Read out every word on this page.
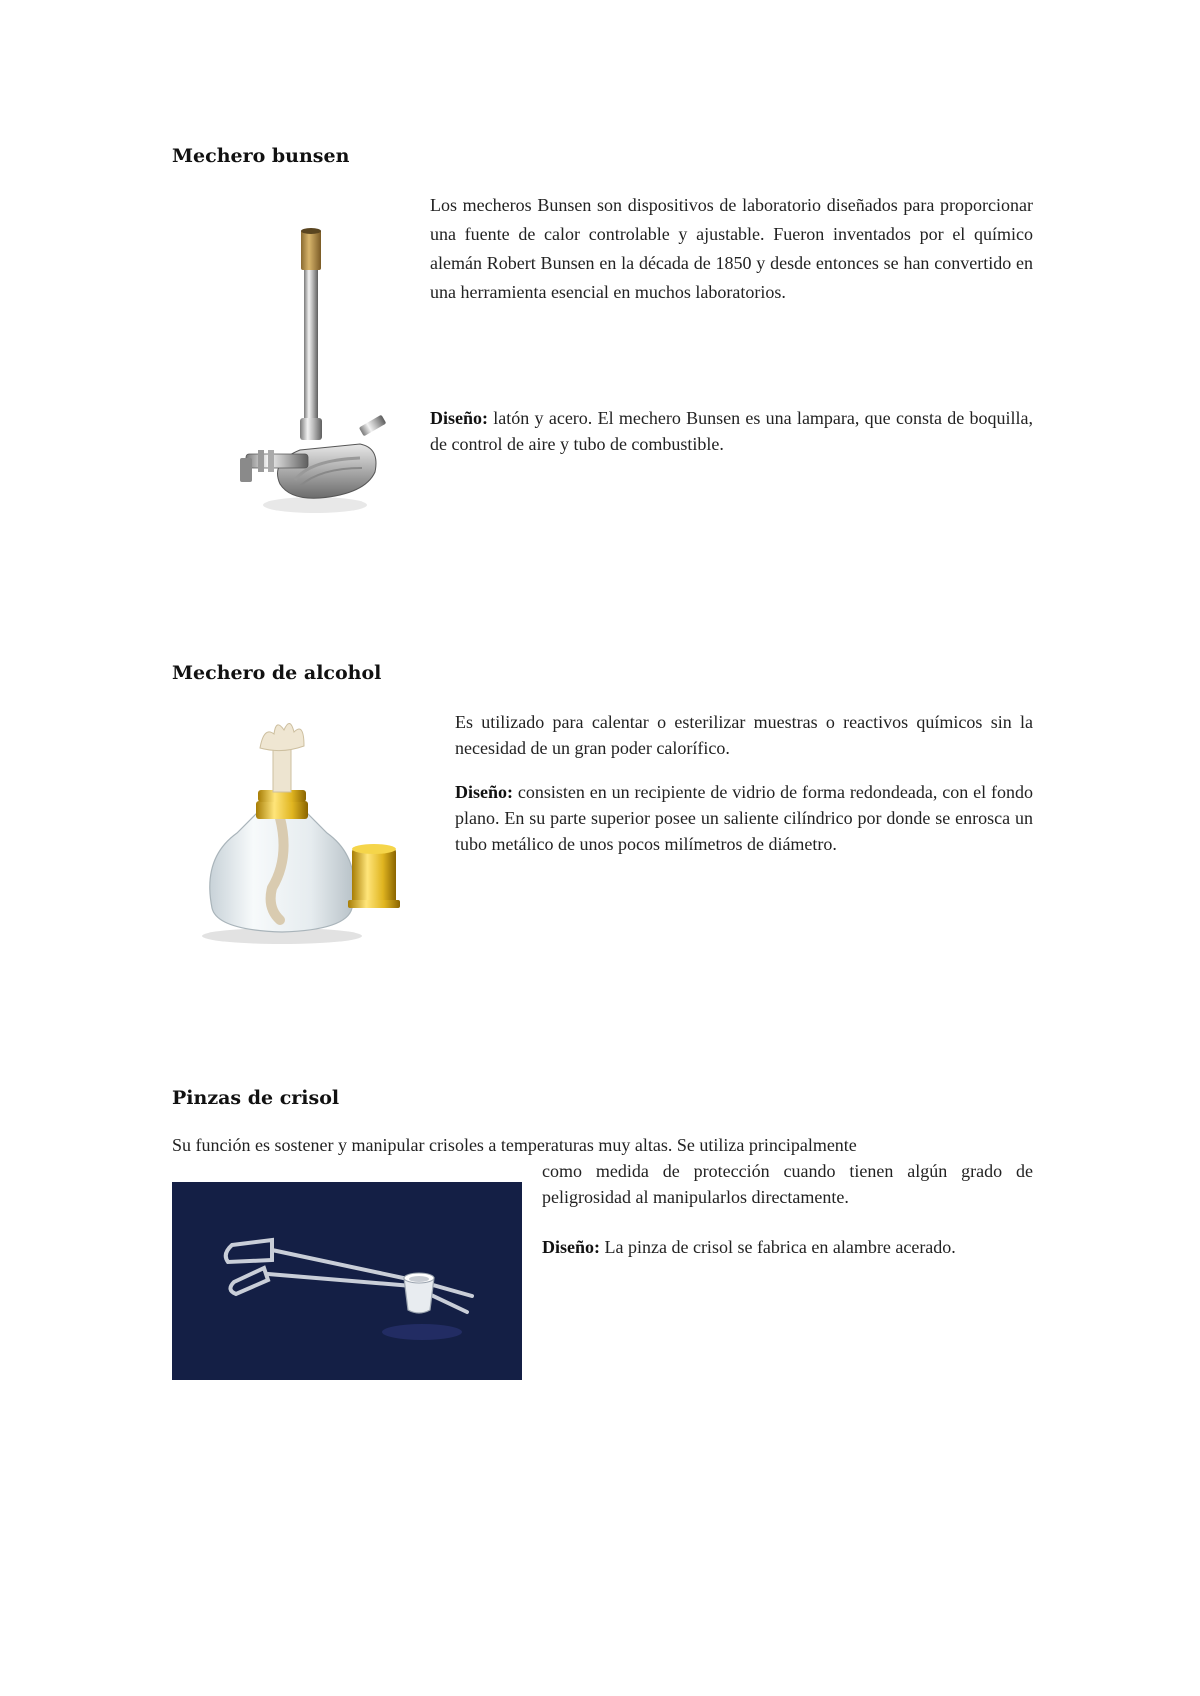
Mechero bunsen

Los mecheros Bunsen son dispositivos de laboratorio diseñados para proporcionar una fuente de calor controlable y ajustable. Fueron inventados por el químico alemán Robert Bunsen en la década de 1850 y desde entonces se han convertido en una herramienta esencial en muchos laboratorios.

Diseño: latón y acero. El mechero Bunsen es una lampara, que consta de boquilla, de control de aire y tubo de combustible.

Mechero de alcohol

Es utilizado para calentar o esterilizar muestras o reactivos químicos sin la necesidad de un gran poder calorífico.

Diseño: consisten en un recipiente de vidrio de forma redondeada, con el fondo plano. En su parte superior posee un saliente cilíndrico por donde se enrosca un tubo metálico de unos pocos milímetros de diámetro.

Pinzas de crisol

Su función es sostener y manipular crisoles a temperaturas muy altas. Se utiliza principalmente

como medida de protección cuando tienen algún grado de peligrosidad al manipularlos directamente.

Diseño: La pinza de crisol se fabrica en alambre acerado.
